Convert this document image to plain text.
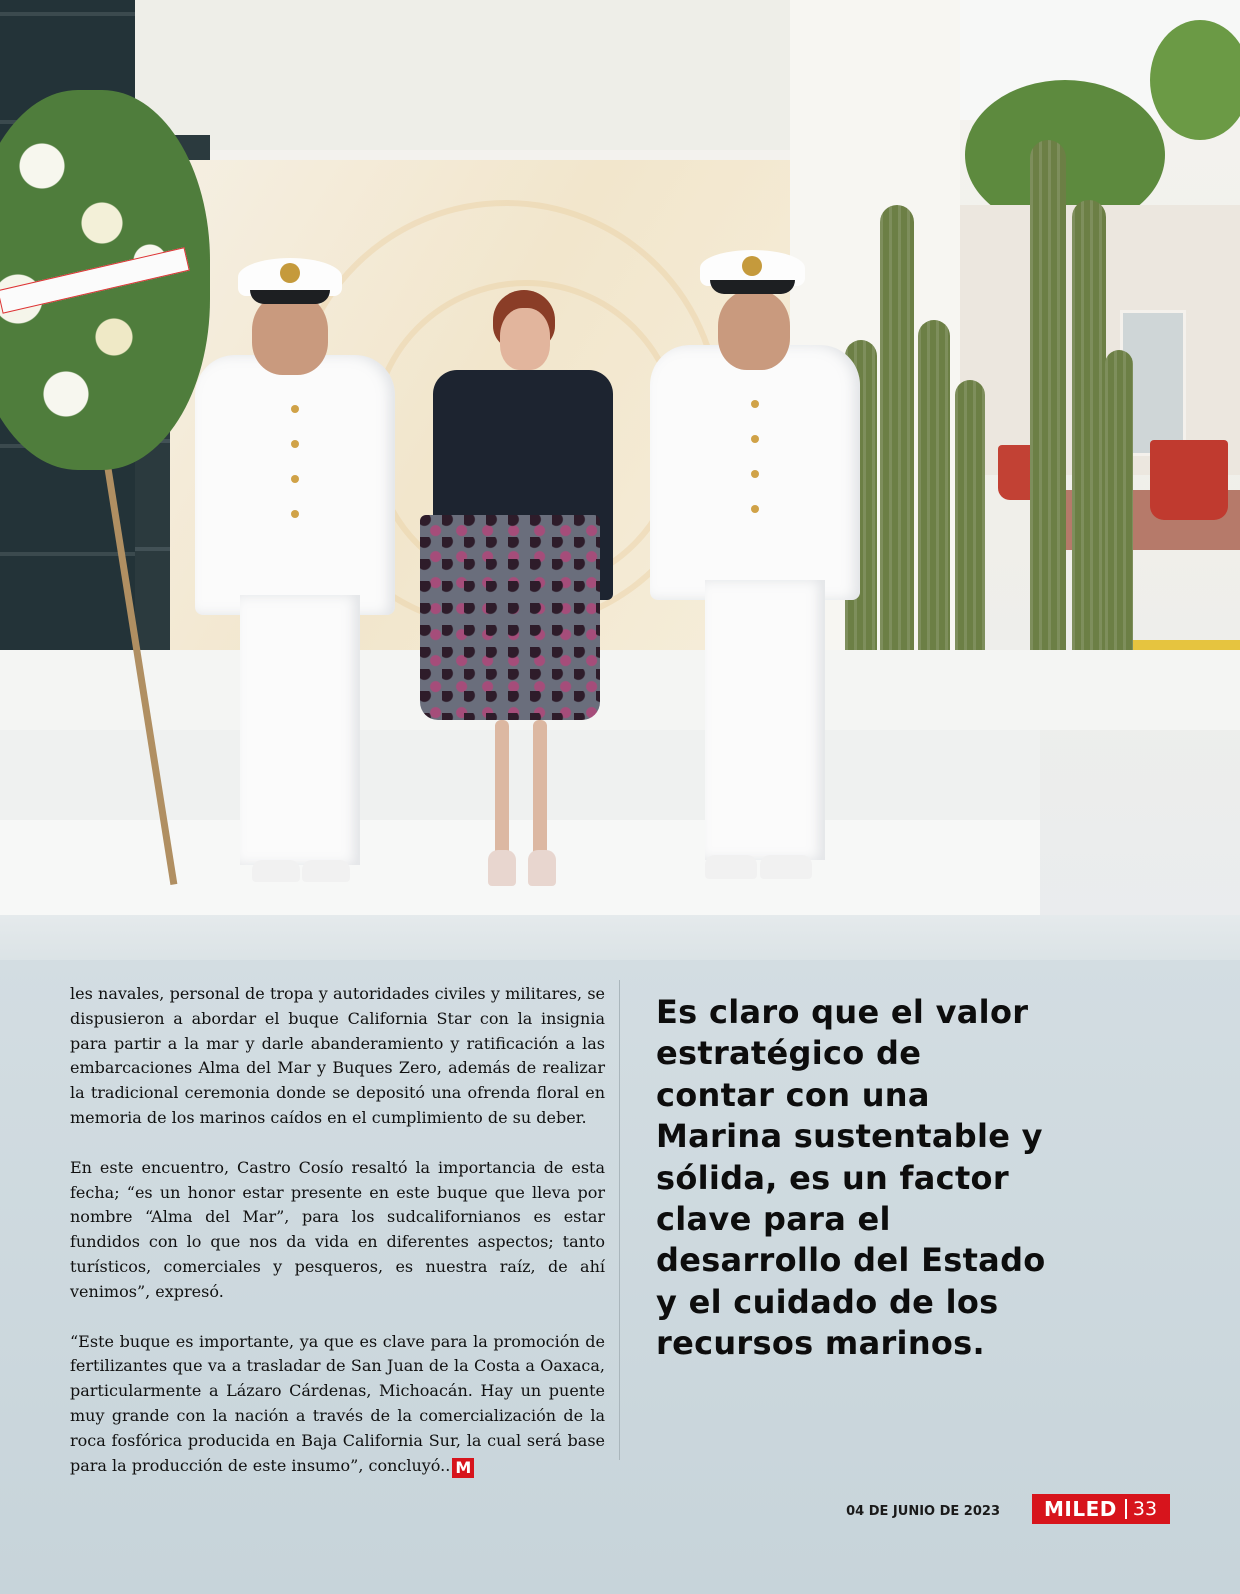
les navales, personal de tropa y autoridades civiles y militares, se dispusieron a abordar el buque California Star con la insignia para partir a la mar y darle abanderamiento y ratificación a las embarcaciones Alma del Mar y Buques Zero, además de realizar la tradicional ceremonia donde se depositó una ofrenda floral en memoria de los marinos caídos en el cumplimiento de su deber.

En este encuentro, Castro Cosío resaltó la importancia de esta fecha; “es un honor estar presente en este buque que lleva por nombre “Alma del Mar”, para los sudcalifornianos es estar fundidos con lo que nos da vida en diferentes aspectos; tanto turísticos, comerciales y pesqueros, es nuestra raíz, de ahí venimos”, expresó.

“Este buque es importante, ya que es clave para la promoción de fertilizantes que va a trasladar de San Juan de la Costa a Oaxaca, particularmente a Lázaro Cárdenas, Michoacán. Hay un puente muy grande con la nación a través de la comercialización de la roca fosfórica producida en Baja California Sur, la cual será base para la producción de este insumo”, concluyó.. M

Es claro que el valor estratégico de contar con una Marina sustentable y sólida, es un factor clave para el desarrollo del Estado y el cuidado de los recursos marinos.
04 DE JUNIO DE 2023	MILED 33
